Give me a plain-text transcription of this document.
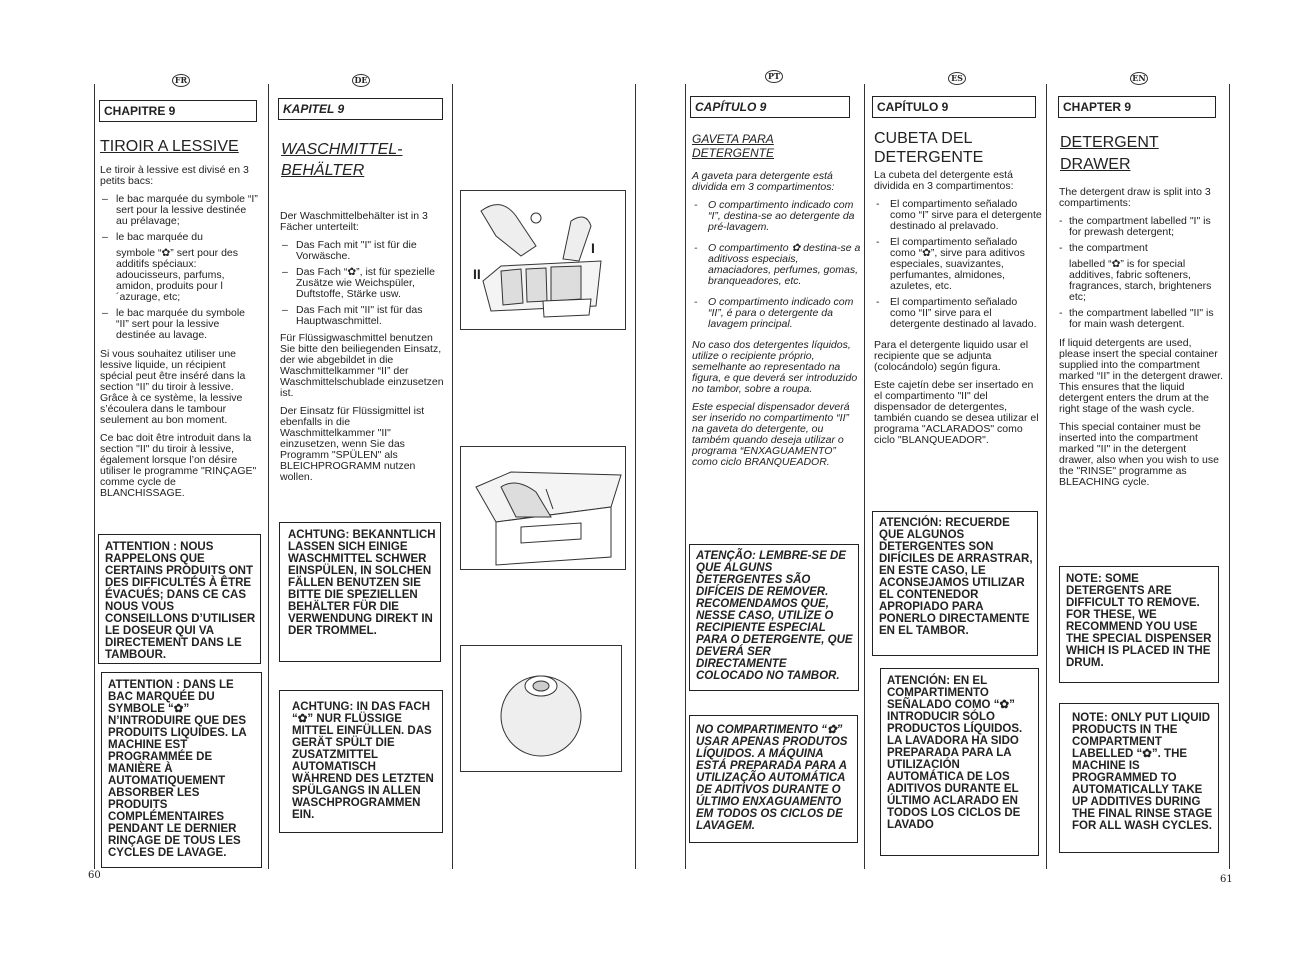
FR
CHAPITRE 9
TIROIR A LESSIVE

Le tiroir à lessive est divisé en 3 petits bacs:

– le bac marquée du symbole “I” sert pour la lessive destinée au prélavage;
– le bac marquée du
symbole “✿” sert pour des additifs spéciaux: adoucisseurs, parfums, amidon, produits pour l´azurage, etc;
– le bac marquée du symbole “II” sert pour la lessive destinée au lavage.

Si vous souhaitez utiliser une lessive liquide, un récipient spécial peut être inséré dans la section “II” du tiroir à lessive. Grâce à ce système, la lessive s’écoulera dans le tambour seulement au bon moment.

Ce bac doit être introduit dans la section "II" du tiroir à lessive, également lorsque l’on désire utiliser le programme "RINÇAGE" comme cycle de BLANCHISSAGE.

ATTENTION : NOUS RAPPELONS QUE CERTAINS PRODUITS ONT DES DIFFICULTÉS À ÊTRE ÉVACUÉS; DANS CE CAS NOUS VOUS CONSEILLONS D’UTILISER LE DOSEUR QUI VA DIRECTEMENT DANS LE TAMBOUR.
ATTENTION : DANS LE BAC MARQUÉE DU SYMBOLE “✿” N’INTRODUIRE QUE DES PRODUITS LIQUIDES. LA MACHINE EST PROGRAMMÉE DE MANIÈRE À AUTOMATIQUEMENT ABSORBER LES PRODUITS COMPLÉMENTAIRES PENDANT LE DERNIER RINÇAGE DE TOUS LES CYCLES DE LAVAGE.
DE
KAPITEL 9
WASCHMITTEL- BEHÄLTER

Der Waschmittelbehälter ist in 3 Fächer unterteilt:

– Das Fach mit "I" ist für die Vorwäsche.
– Das Fach “✿”, ist für spezielle Zusätze wie Weichspüler, Duftstoffe, Stärke usw.
– Das Fach mit "II" ist für das Hauptwaschmittel.

Für Flüssigwaschmittel benutzen Sie bitte den beiliegenden Einsatz, der wie abgebildet in die Waschmittelkammer “II” der Waschmittelschublade einzusetzen ist.

Der Einsatz für Flüssigmittel ist ebenfalls in die Waschmittelkammer "II" einzusetzen, wenn Sie das Programm "SPÜLEN" als BLEICHPROGRAMM nutzen wollen.

ACHTUNG: BEKANNTLICH LASSEN SICH EINIGE WASCHMITTEL SCHWER EINSPÜLEN, IN SOLCHEN FÄLLEN BENUTZEN SIE BITTE DIE SPEZIELLEN BEHÄLTER FÜR DIE VERWENDUNG DIREKT IN DER TROMMEL.
ACHTUNG: IN DAS FACH “✿” NUR FLÜSSIGE MITTEL EINFÜLLEN. DAS GERÄT SPÜLT DIE ZUSATZMITTEL AUTOMATISCH WÄHREND DES LETZTEN SPÜLGANGS IN ALLEN WASCHPROGRAMMEN EIN.
II
I
PT
CAPÍTULO 9
GAVETA PARA DETERGENTE

A gaveta para detergente está dividida em 3 compartimentos:

- O compartimento indicado com “I”, destina-se ao detergente da pré-lavagem.
- O compartimento ✿ destina-se a aditivoss especiais, amaciadores, perfumes, gomas, branqueadores, etc.
- O compartimento indicado com “II”, é para o detergente da lavagem principal.

No caso dos detergentes líquidos, utilize o recipiente próprio, semelhante ao representado na figura, e que deverá ser introduzido no tambor, sobre a roupa.

Este especial dispensador deverá ser inserido no compartimento “II” na gaveta do detergente, ou também quando deseja utilizar o programa “ENXAGUAMENTO” como ciclo BRANQUEADOR.

ATENÇÃO: LEMBRE-SE DE QUE ALGUNS DETERGENTES SÃO DIFÍCEIS DE REMOVER. RECOMENDAMOS QUE, NESSE CASO, UTILIZE O RECIPIENTE ESPECIAL PARA O DETERGENTE, QUE DEVERÁ SER DIRECTAMENTE COLOCADO NO TAMBOR.
NO COMPARTIMENTO “✿” USAR APENAS PRODUTOS LÍQUIDOS. A MÁQUINA ESTÁ PREPARADA PARA A UTILIZAÇÃO AUTOMÁTICA DE ADITIVOS DURANTE O ÚLTIMO ENXAGUAMENTO EM TODOS OS CICLOS DE LAVAGEM.
ES
CAPÍTULO 9
CUBETA DEL DETERGENTE

La cubeta del detergente está dividida en 3 compartimentos:

- El compartimento señalado como “I” sirve para el detergente destinado al prelavado.
- El compartimento señalado como “✿”, sirve para aditivos especiales, suavizantes, perfumantes, almidones, azuletes, etc.
- El compartimento señalado como “II” sirve para el detergente destinado al lavado.

Para el detergente liquido usar el recipiente que se adjunta (colocándolo) según figura.

Este cajetín debe ser insertado en el compartimento "II" del dispensador de detergentes, también cuando se desea utilizar el programa "ACLARADOS" como ciclo "BLANQUEADOR".

ATENCIÓN: RECUERDE QUE ALGUNOS DETERGENTES SON DIFÍCILES DE ARRASTRAR, EN ESTE CASO, LE ACONSEJAMOS UTILIZAR EL CONTENEDOR APROPIADO PARA PONERLO DIRECTAMENTE EN EL TAMBOR.
ATENCIÓN: EN EL COMPARTIMENTO SEÑALADO COMO “✿” INTRODUCIR SÓLO PRODUCTOS LÍQUIDOS. LA LAVADORA HA SIDO PREPARADA PARA LA UTILIZACIÓN AUTOMÁTICA DE LOS ADITIVOS DURANTE EL ÚLTIMO ACLARADO EN TODOS LOS CICLOS DE LAVADO
EN
CHAPTER 9
DETERGENT DRAWER

The detergent draw is split into 3 compartiments:

- the compartment labelled "I" is for prewash detergent;
- the compartment
labelled “✿” is for special additives, fabric softeners, fragrances, starch, brighteners etc;
- the compartment labelled "II" is for main wash detergent.

If liquid detergents are used, please insert the special container supplied into the compartment marked “II” in the detergent drawer. This ensures that the liquid detergent enters the drum at the right stage of the wash cycle.

This special container must be inserted into the compartment marked "II" in the detergent drawer, also when you wish to use the "RINSE" programme as BLEACHING cycle.

NOTE: SOME DETERGENTS ARE DIFFICULT TO REMOVE. FOR THESE, WE RECOMMEND YOU USE THE SPECIAL DISPENSER WHICH IS PLACED IN THE DRUM.
NOTE: ONLY PUT LIQUID PRODUCTS IN THE COMPARTMENT LABELLED “✿”. THE MACHINE IS PROGRAMMED TO AUTOMATICALLY TAKE UP ADDITIVES DURING THE FINAL RINSE STAGE FOR ALL WASH CYCLES.
60	61
